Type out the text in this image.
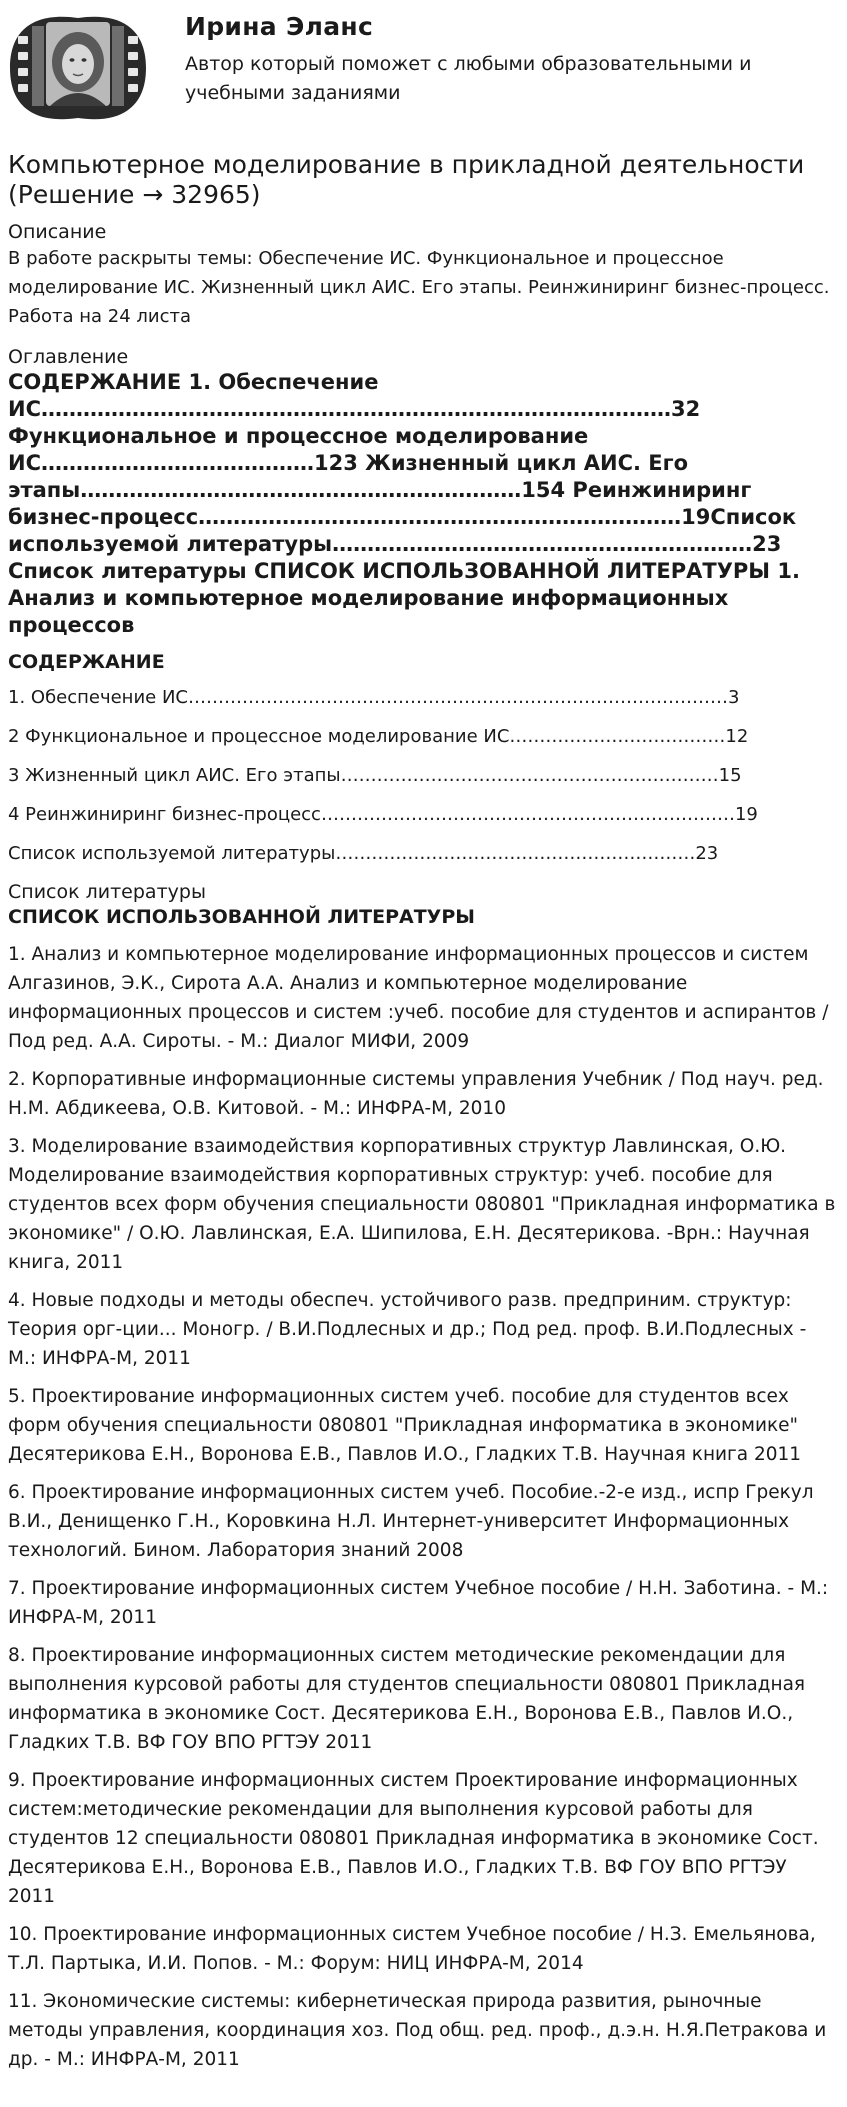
Ирина Эланс
Автор который поможет с любыми образовательными и учебными заданиями
Компьютерное моделирование в прикладной деятельности (Решение → 32965)
Описание

В работе раскрыты темы: Обеспечение ИС. Функциональное и процессное моделирование ИС. Жизненный цикл АИС. Его этапы. Реинжиниринг бизнес-процесс. Работа на 24 листа

Оглавление

СОДЕРЖАНИЕ 1. Обеспечение ИС………………………………………………………………………………32 Функциональное и процессное моделирование ИС…………………………………123 Жизненный цикл АИС. Его этапы………………………………………………………154 Реинжиниринг бизнес-процесс……………………………………………………………19Список используемой литературы……………………………………………………23 Список литературы СПИСОК ИСПОЛЬЗОВАННОЙ ЛИТЕРАТУРЫ 1. Анализ и компьютерное моделирование информационных процессов

СОДЕРЖАНИЕ

1. Обеспечение ИС………………………………………………………………………………3

2 Функциональное и процессное моделирование ИС………………………………12

3 Жизненный цикл АИС. Его этапы………………………………………………………15

4 Реинжиниринг бизнес-процесс……………………………………………………………19

Список используемой литературы……………………………………………………23

Список литературы
СПИСОК ИСПОЛЬЗОВАННОЙ ЛИТЕРАТУРЫ

1. Анализ и компьютерное моделирование информационных процессов и систем Алгазинов, Э.К., Сирота А.А. Анализ и компьютерное моделирование информационных процессов и систем :учеб. пособие для студентов и аспирантов / Под ред. А.А. Сироты. - М.: Диалог МИФИ, 2009

2. Корпоративные информационные системы управления Учебник / Под науч. ред. Н.М. Абдикеева, О.В. Китовой. - М.: ИНФРА-М, 2010

3. Моделирование взаимодействия корпоративных структур Лавлинская, О.Ю. Моделирование взаимодействия корпоративных структур: учеб. пособие для студентов всех форм обучения специальности 080801 "Прикладная информатика в экономике" / О.Ю. Лавлинская, Е.А. Шипилова, Е.Н. Десятерикова. -Врн.: Научная книга, 2011

4. Новые подходы и методы обеспеч. устойчивого разв. предприним. структур: Теория орг-ции... Моногр. / В.И.Подлесных и др.; Под ред. проф. В.И.Подлесных - М.: ИНФРА-М, 2011

5. Проектирование информационных систем учеб. пособие для студентов всех форм обучения специальности 080801 "Прикладная информатика в экономике" Десятерикова Е.Н., Воронова Е.В., Павлов И.О., Гладких Т.В. Научная книга 2011

6. Проектирование информационных систем учеб. Пособие.-2-е изд., испр Грекул В.И., Денищенко Г.Н., Коровкина Н.Л. Интернет-университет Информационных технологий. Бином. Лаборатория знаний 2008

7. Проектирование информационных систем Учебное пособие / Н.Н. Заботина. - М.: ИНФРА-М, 2011

8. Проектирование информационных систем методические рекомендации для выполнения курсовой работы для студентов специальности 080801 Прикладная информатика в экономике Сост. Десятерикова Е.Н., Воронова Е.В., Павлов И.О., Гладких Т.В. ВФ ГОУ ВПО РГТЭУ 2011

9. Проектирование информационных систем Проектирование информационных систем:методические рекомендации для выполнения курсовой работы для студентов 12 специальности 080801 Прикладная информатика в экономике Сост. Десятерикова Е.Н., Воронова Е.В., Павлов И.О., Гладких Т.В. ВФ ГОУ ВПО РГТЭУ 2011

10. Проектирование информационных систем Учебное пособие / Н.З. Емельянова, Т.Л. Партыка, И.И. Попов. - М.: Форум: НИЦ ИНФРА-М, 2014

11. Экономические системы: кибернетическая природа развития, рыночные методы управления, координация хоз. Под общ. ред. проф., д.э.н. Н.Я.Петракова и др. - М.: ИНФРА-М, 2011
